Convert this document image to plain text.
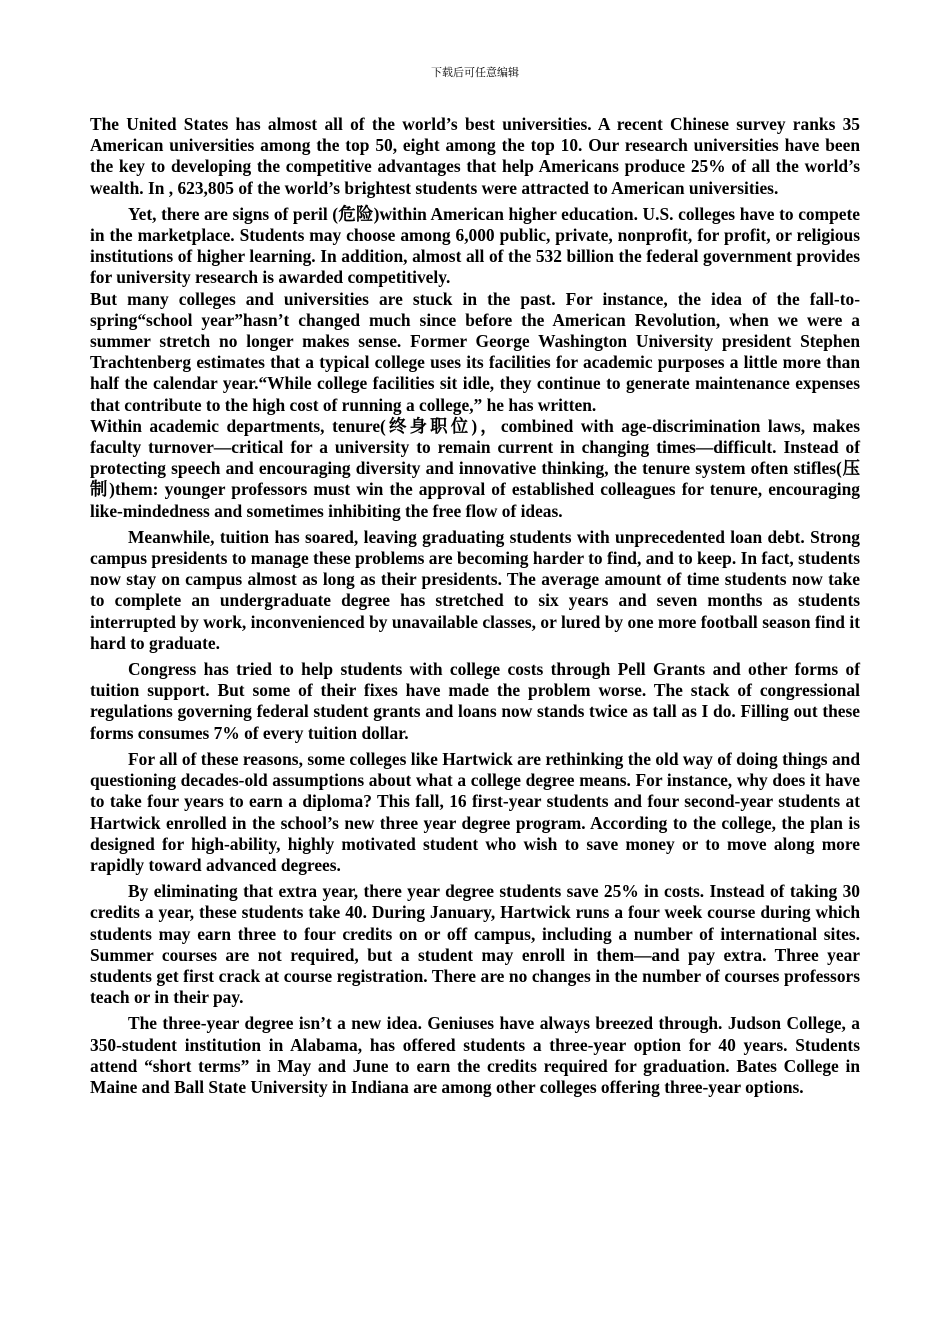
下载后可任意编辑

The United States has almost all of the world’s best universities. A recent Chinese survey ranks 35 American universities among the top 50, eight among the top 10. Our research universities have been the key to developing the competitive advantages that help Americans produce 25% of all the world’s wealth. In , 623,805 of the world’s brightest students were attracted to American universities.

Yet, there are signs of peril (危险)within American higher education. U.S. colleges have to compete in the marketplace. Students may choose among 6,000 public, private, nonprofit, for profit, or religious institutions of higher learning. In addition, almost all of the 532 billion the federal government provides for university research is awarded competitively.

But many colleges and universities are stuck in the past. For instance, the idea of the fall-to-spring“school year”hasn’t changed much since before the American Revolution, when we were a summer stretch no longer makes sense. Former George Washington University president Stephen Trachtenberg estimates that a typical college uses its facilities for academic purposes a little more than half the calendar year.“While college facilities sit idle, they continue to generate maintenance expenses that contribute to the high cost of running a college,” he has written.

Within academic departments, tenure(终身职位)，combined with age-discrimination laws, makes faculty turnover—critical for a university to remain current in changing times—difficult. Instead of protecting speech and encouraging diversity and innovative thinking, the tenure system often stifles(压制)them: younger professors must win the approval of established colleagues for tenure, encouraging like-mindedness and sometimes inhibiting the free flow of ideas.

Meanwhile, tuition has soared, leaving graduating students with unprecedented loan debt. Strong campus presidents to manage these problems are becoming harder to find, and to keep. In fact, students now stay on campus almost as long as their presidents. The average amount of time students now take to complete an undergraduate degree has stretched to six years and seven months as students interrupted by work, inconvenienced by unavailable classes, or lured by one more football season find it hard to graduate.

Congress has tried to help students with college costs through Pell Grants and other forms of tuition support. But some of their fixes have made the problem worse. The stack of congressional regulations governing federal student grants and loans now stands twice as tall as I do. Filling out these forms consumes 7% of every tuition dollar.

For all of these reasons, some colleges like Hartwick are rethinking the old way of doing things and questioning decades-old assumptions about what a college degree means. For instance, why does it have to take four years to earn a diploma? This fall, 16 first-year students and four second-year students at Hartwick enrolled in the school’s new three year degree program. According to the college, the plan is designed for high-ability, highly motivated student who wish to save money or to move along more rapidly toward advanced degrees.

By eliminating that extra year, there year degree students save 25% in costs. Instead of taking 30 credits a year, these students take 40. During January, Hartwick runs a four week course during which students may earn three to four credits on or off campus, including a number of international sites. Summer courses are not required, but a student may enroll in them—and pay extra. Three year students get first crack at course registration. There are no changes in the number of courses professors teach or in their pay.

The three-year degree isn’t a new idea. Geniuses have always breezed through. Judson College, a 350-student institution in Alabama, has offered students a three-year option for 40 years. Students attend “short terms” in May and June to earn the credits required for graduation. Bates College in Maine and Ball State University in Indiana are among other colleges offering three-year options.
